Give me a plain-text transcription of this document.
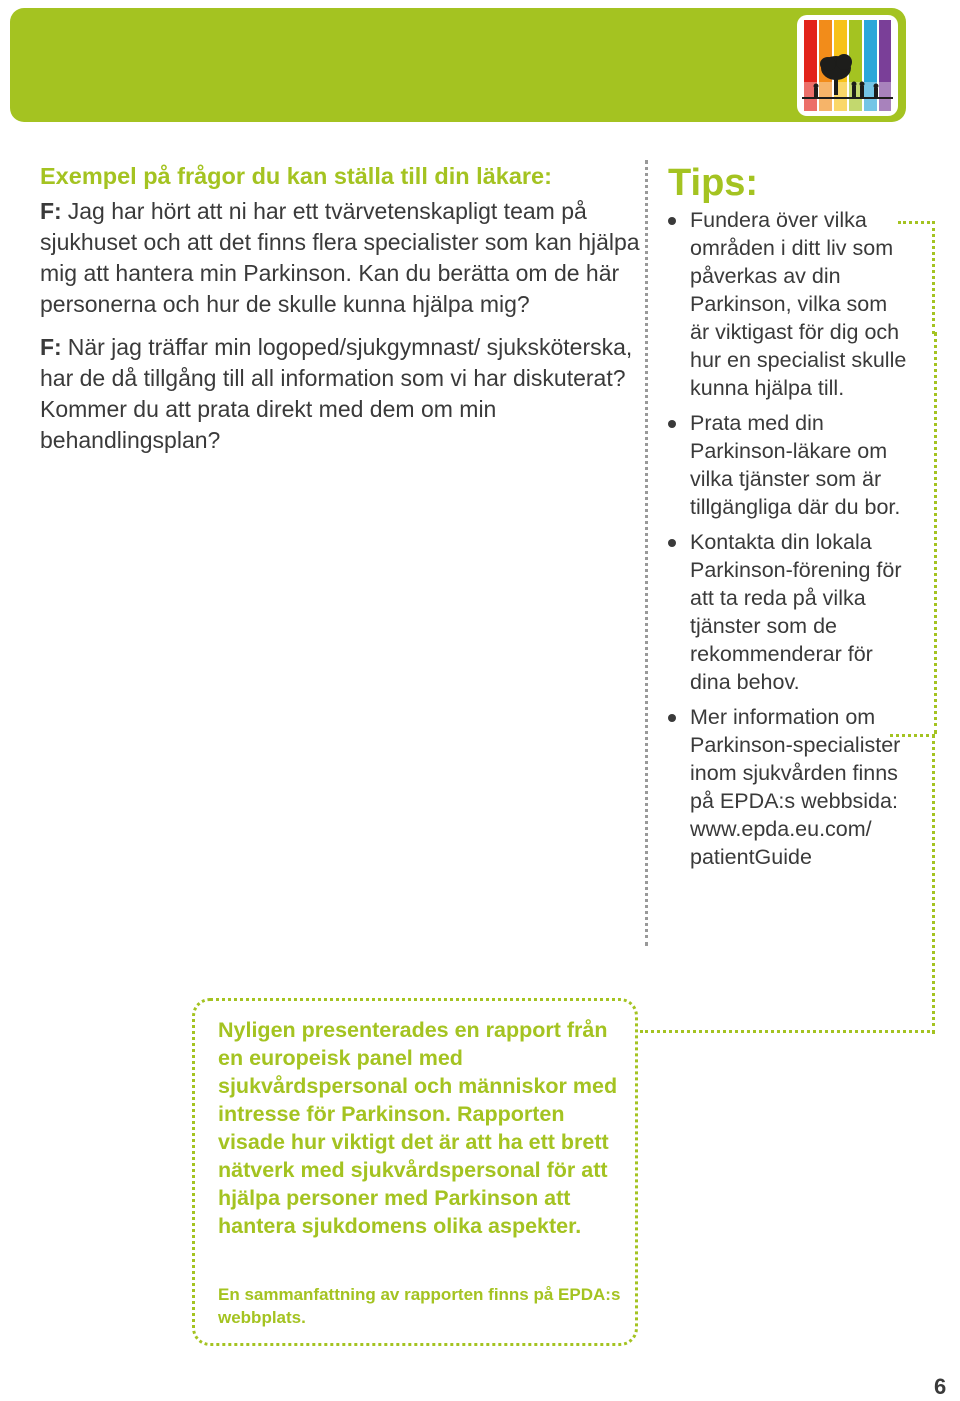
Exempel på frågor du kan ställa till din läkare:

F: Jag har hört att ni har ett tvärvetenskapligt team på sjukhuset och att det finns flera specialister som kan hjälpa mig att hantera min Parkinson. Kan du berätta om de här personerna och hur de skulle kunna hjälpa mig?

F: När jag träffar min logoped/sjukgymnast/ sjuksköterska, har de då tillgång till all information som vi har diskuterat? Kommer du att prata direkt med dem om min behandlingsplan?

Tips:
Fundera över vilka områden i ditt liv som påverkas av din Parkinson, vilka som är viktigast för dig och hur en specialist skulle kunna hjälpa till.
Prata med din Parkinson-läkare om vilka tjänster som är tillgängliga där du bor.
Kontakta din lokala Parkinson-förening för att ta reda på vilka tjänster som de rekommenderar för dina behov.
Mer information om Parkinson-specialister inom sjukvården finns på EPDA:s webbsida: www.epda.eu.com/ patientGuide

Nyligen presenterades en rapport från en europeisk panel med sjukvårdspersonal och människor med intresse för Parkinson. Rapporten visade hur viktigt det är att ha ett brett nätverk med sjukvårdspersonal för att hjälpa personer med Parkinson att hantera sjukdomens olika aspekter.

En sammanfattning av rapporten finns på EPDA:s webbplats.

6
